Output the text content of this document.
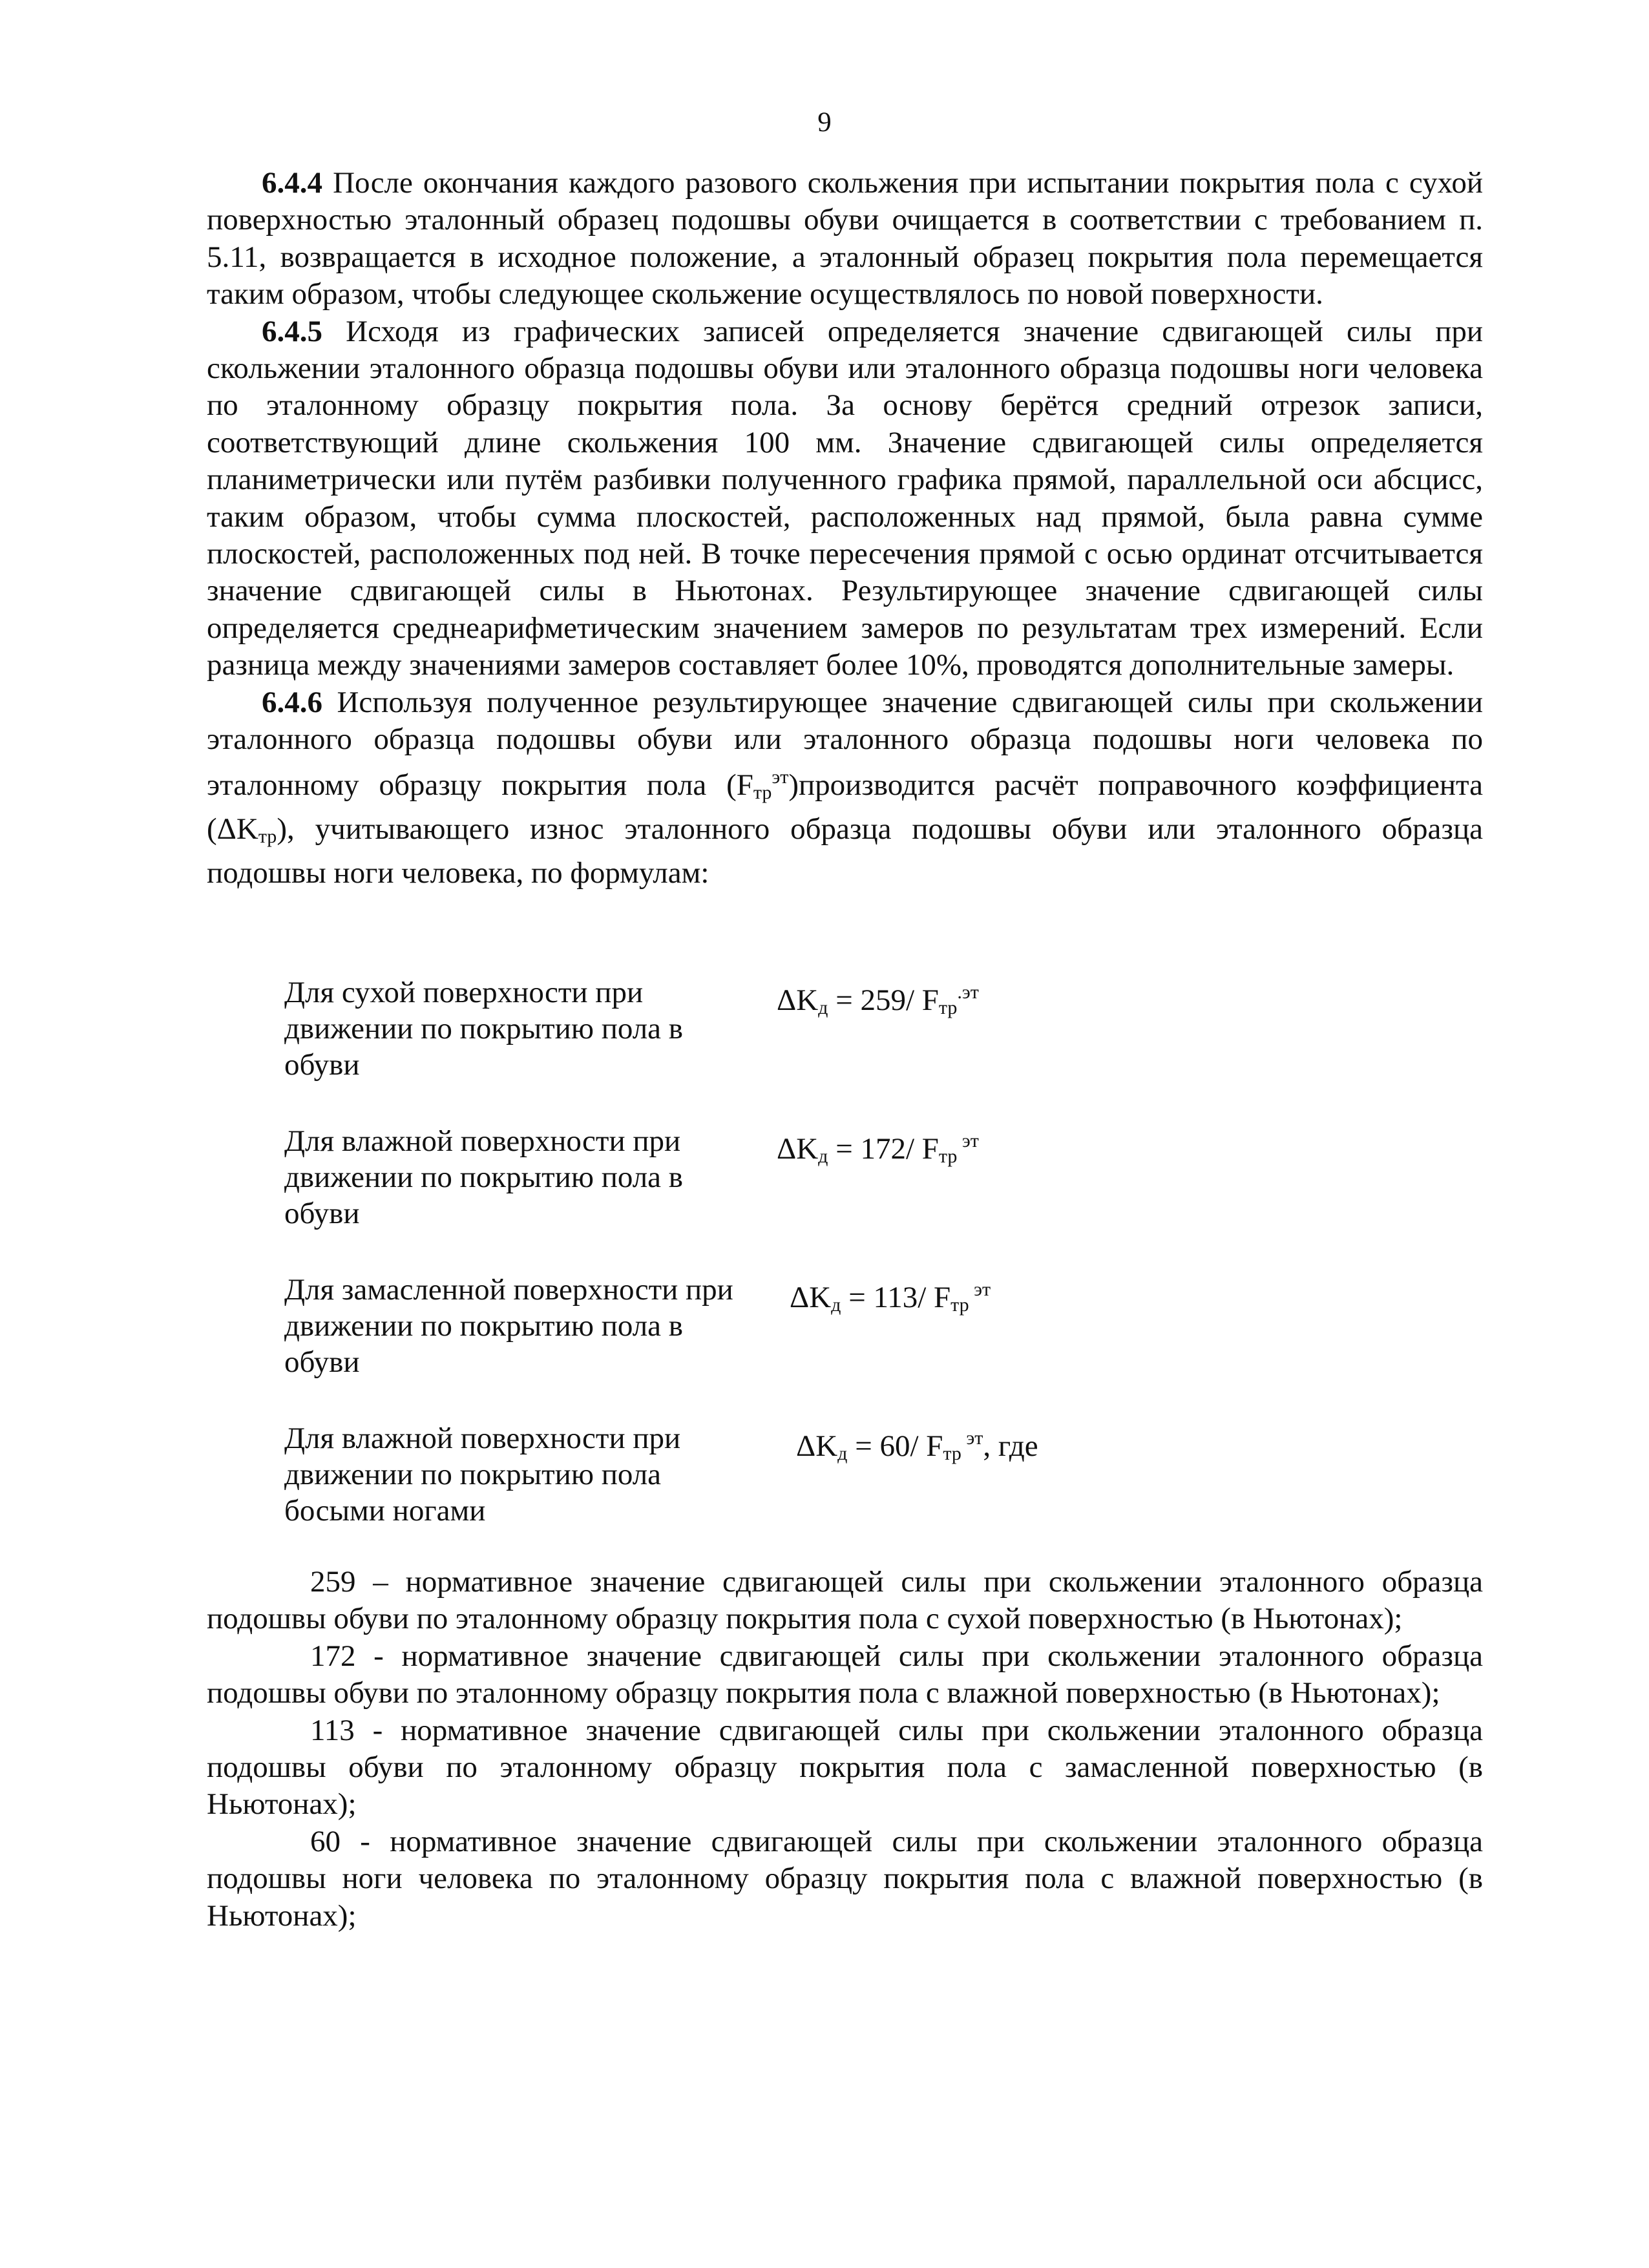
9

6.4.4 После окончания каждого разового скольжения при испытании покрытия пола с сухой поверхностью эталонный образец подошвы обуви очищается в соответствии с требованием п. 5.11, возвращается в исходное положение, а эталонный образец покрытия пола перемещается таким образом, чтобы следующее скольжение осуществлялось по новой поверхности.

6.4.5 Исходя из графических записей определяется значение сдвигающей силы при скольжении эталонного образца подошвы обуви или эталонного образца подошвы ноги человека по эталонному образцу покрытия пола. За основу берётся средний отрезок записи, соответствующий длине скольжения 100 мм. Значение сдвигающей силы определяется планиметрически или путём разбивки полученного графика прямой, параллельной оси абсцисс, таким образом, чтобы сумма плоскостей, расположенных над прямой, была равна сумме плоскостей, расположенных под ней. В точке пересечения прямой с осью ординат отсчитывается значение сдвигающей силы в Ньютонах. Результирующее значение сдвигающей силы определяется среднеарифметическим значением замеров по результатам трех измерений. Если разница между значениями замеров составляет более 10%, проводятся дополнительные замеры.

6.4.6 Используя полученное результирующее значение сдвигающей силы при скольжении эталонного образца подошвы обуви или эталонного образца подошвы ноги человека по эталонному образцу покрытия пола (Fтр$^{эт}$)производится расчёт поправочного коэффициента (ΔKтр), учитывающего износ эталонного образца подошвы обуви или эталонного образца подошвы ноги человека, по формулам:

Для сухой поверхности при движении по покрытию пола в обуви
$\Delta K_д = 259/$ $F_{тр}^{.эт}$
Для влажной поверхности при движении по покрытию пола в обуви
$\Delta K_д = 172/$ $F_{тр}$ $^{эт}$
Для замасленной поверхности при движении по покрытию пола в обуви
$\Delta K_д = 113/$ $F_{тр}$ $^{эт}$
Для влажной поверхности при движении по покрытию пола босыми ногами
$\Delta K_д = 60/$ $F_{тр}$ $^{эт}$, где

259 – нормативное значение сдвигающей силы при скольжении эталонного образца подошвы обуви по эталонному образцу покрытия пола с сухой поверхностью (в Ньютонах);

172 - нормативное значение сдвигающей силы при скольжении эталонного образца подошвы обуви по эталонному образцу покрытия пола с влажной поверхностью (в Ньютонах);

113 - нормативное значение сдвигающей силы при скольжении эталонного образца подошвы обуви по эталонному образцу покрытия пола с замасленной поверхностью (в Ньютонах);

60 - нормативное значение сдвигающей силы при скольжении эталонного образца подошвы ноги человека по эталонному образцу покрытия пола с влажной поверхностью (в Ньютонах);
